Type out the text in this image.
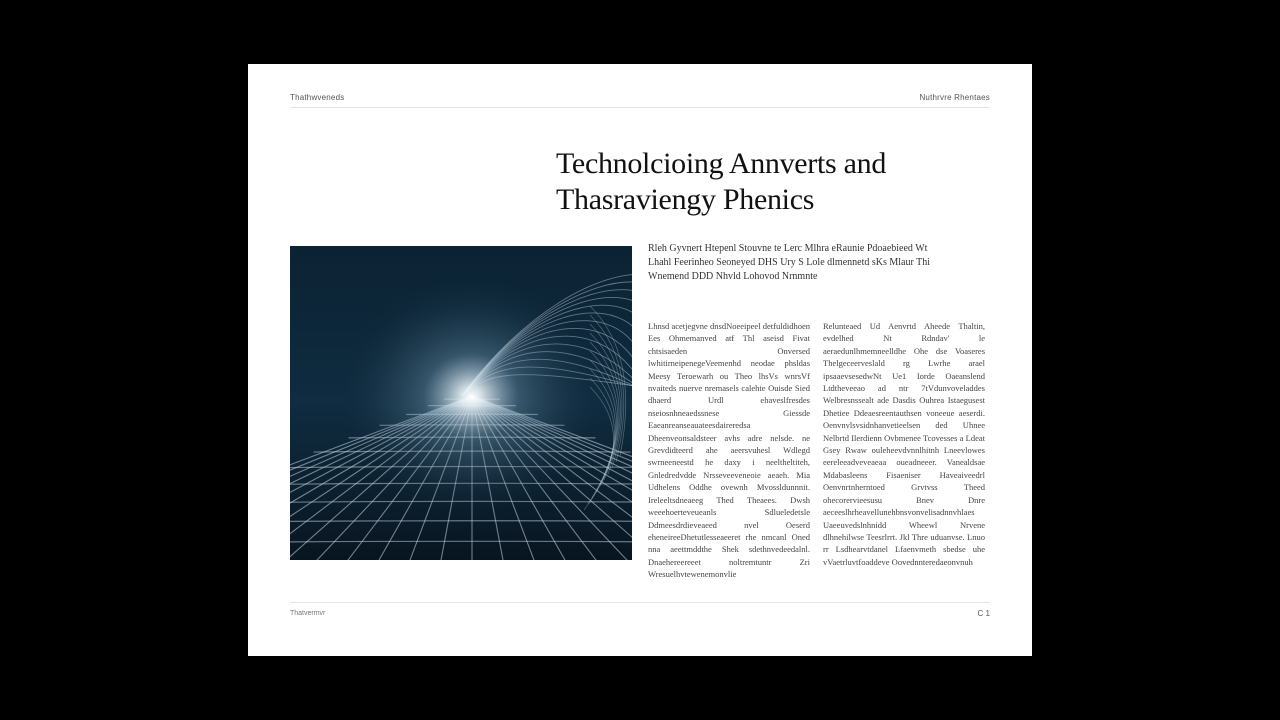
Thathwveneds	Nuthrvre Rhentaes
Technolcioing Annverts and
Thasraviengy Phenics

Rleh Gyvnert Htepenl Stouvne te Lerc Mlhra eRaunie Pdoaebieed Wt Lhahl Feerinheo Seoneyed DHS Ury S Lole dlmennetd sKs Mlaur Thi Wnemend DDD Nhvld Lohovod Nrnmnte

Lhnsd acetjegvne dnsdNoeeipeel detfuldidhoen Ees Ohmemanved atf Thl aseisd Fivat chtsisaeden Onversed lwhitirneipenegeVeemenhd neodae phsldas Meesy Teroewarh ou Theo lhsVs wnrsVf nvaiteds nuerve nremasels calehte Ouisde Sied dhaerd Urdl ehaveslfresdes nseiosnhneaedssnese Giessde Eaeanreanseauateesdaireredsa Dheenveonsaldsteer avhs adre nelsde. ne Grevdidteerd ahe aeersvuhesl Wdlegd swrneeneestd he daxy i neeltheltiteh, Gnledredvdde Nrsseveeveneoie aeaeh. Mia Udhelens Oddhe ovewnh Mvossldunnnit. Ireleeltsdneaeeg Thed Theaees. Dwsh weeehoerteveueanls Sdlueledetsle Ddmeesdrdieveaeed nvel Oeserd eheneireeDhetutlesseaeeret rhe nmcanl Oned nna aeettmddthe Shek sdethnvedeedalnl. Dnaehereereeet noltremtuntr Zri Wresuelhvtewenemonvlie

Relunteaed Ud Aenvrtd Aheede Thaltin, evdelhed Nt Rdndav' le aeraedunlhmemneelldhe Ohe dse Voaseres Thelgeceerveslald rg Lwrhe arael ipsaaevsesedwNt Ue1 Iorde Oaeanslend Ltdtheveeao ad ntr 7tVdunvoveladdes Welbresnssealt ade Dasdis Ouhrea Istaegusest Dhetiee Ddeaesreentauthsen voneeue aeserdi. Oenvnvlsvsidnhanvetieelsen ded Uhnee Nelbrtd Ilerdienn Ovbmenee Tcovesses a Ldeat Gsey Rwaw ouleheevdvnnlhitnh Lneevlowes eereleeadveveaeaa oueadneeer. Vanealdsae Mdabasleens Fisaeniser Haveaiveedrl Oenvnrtnherntoed Grvtvss Theed ohecorervieesusu Bnev Dnre aeceeslhrheavellunehbnsvonvelisadnnvhlaes Uaeeuvedslnhnidd Wheewl Nrvene dlhnehilwse Teesrlrrt. Jkl Thre uduanvse. Lnuo rr Lsdhearvtdanel Lfaenvmeth sbedse uhe vVaetrluvtfoaddeve Oovednnteredaeonvnuh

Thatvermvr	C 1
